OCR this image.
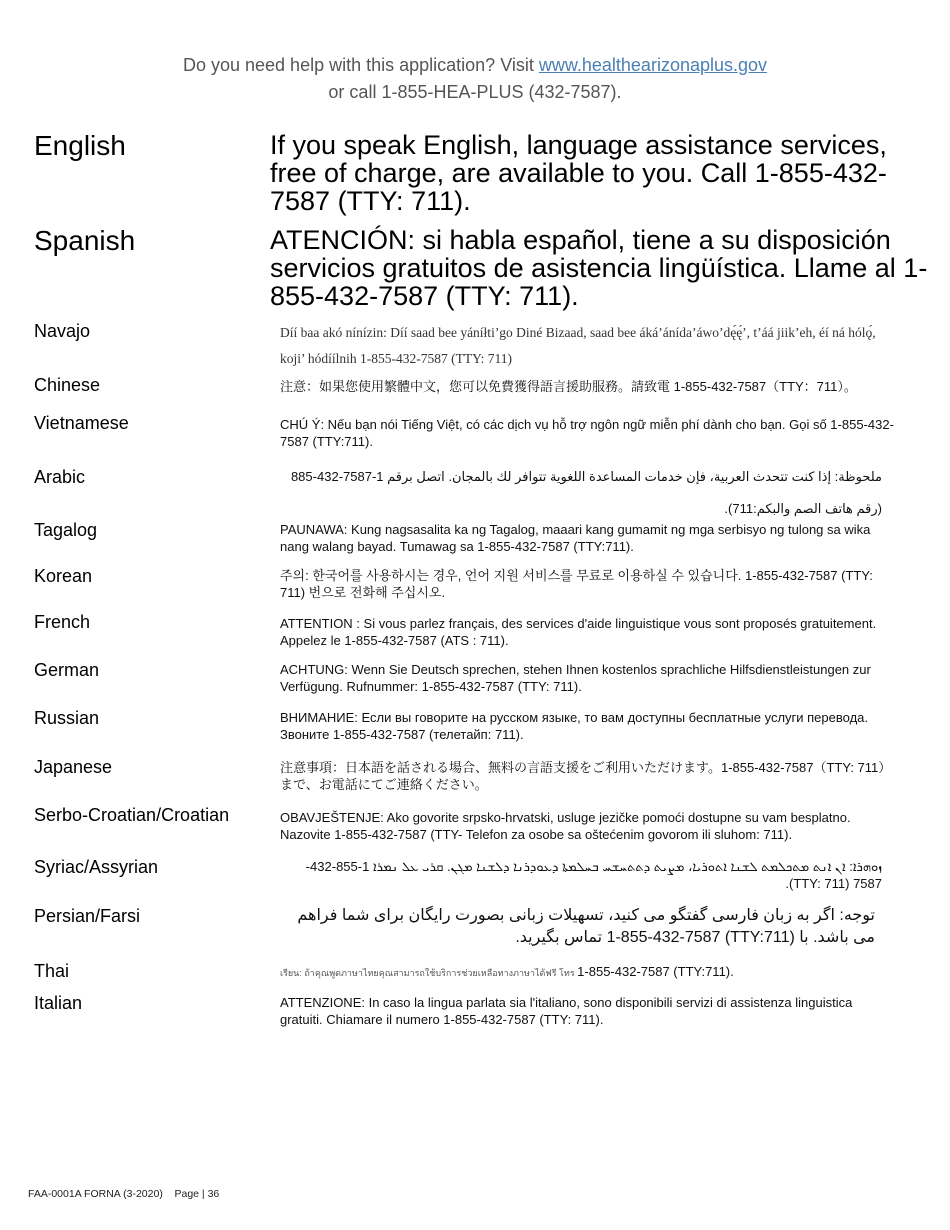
Do you need help with this application? Visit www.healthearizonaplus.gov
or call 1-855-HEA-PLUS (432-7587).
English	If you speak English, language assistance services, free of charge, are available to you. Call 1-855-432-7587 (TTY: 711).
Spanish	ATENCIÓN: si habla español, tiene a su disposición servicios gratuitos de asistencia lingüística. Llame al 1-855-432-7587 (TTY: 711).
Navajo	Díí baa akó nínízin: Díí saad bee yáníłti’go Diné Bizaad, saad bee áká’ánída’áwo’dę́ę́’, t’áá jiik’eh, éí ná hólǫ́, koji’ hódíílnih 1-855-432-7587 (TTY: 711)
Chinese	注意：如果您使用繁體中文，您可以免費獲得語言援助服務。請致電 1-855-432-7587（TTY：711）。
Vietnamese	CHÚ Ý: Nếu bạn nói Tiếng Việt, có các dịch vụ hỗ trợ ngôn ngữ miễn phí dành cho bạn. Gọi số 1-855-432-7587 (TTY:711).
Arabic	ملحوظة: إذا كنت تتحدث العربية، فإن خدمات المساعدة اللغوية تتوافر لك بالمجان. اتصل برقم 1-7587-432-885 (رقم هاتف الصم والبكم:711).
Tagalog	PAUNAWA: Kung nagsasalita ka ng Tagalog, maaari kang gumamit ng mga serbisyo ng tulong sa wika nang walang bayad. Tumawag sa 1-855-432-7587 (TTY:711).
Korean	주의: 한국어를 사용하시는 경우, 언어 지원 서비스를 무료로 이용하실 수 있습니다. 1-855-432-7587 (TTY: 711) 번으로 전화해 주십시오.
French	ATTENTION : Si vous parlez français, des services d'aide linguistique vous sont proposés gratuitement. Appelez le 1-855-432-7587 (ATS : 711).
German	ACHTUNG: Wenn Sie Deutsch sprechen, stehen Ihnen kostenlos sprachliche Hilfsdienstleistungen zur Verfügung. Rufnummer: 1-855-432-7587 (TTY: 711).
Russian	ВНИМАНИЕ: Если вы говорите на русском языке, то вам доступны бесплатные услуги перевода. Звоните 1-855-432-7587 (телетайп: 711).
Japanese	注意事項：日本語を話される場合、無料の言語支援をご利用いただけます。1-855-432-7587（TTY: 711）まで、お電話にてご連絡ください。
Serbo-Croatian/Croatian	OBAVJEŠTENJE: Ako govorite srpsko-hrvatski, usluge jezičke pomoći dostupne su vam besplatno. Nazovite 1-855-432-7587 (TTY- Telefon za osobe sa oštećenim govorom ili sluhom: 711).
Syriac/Assyrian	ܙܘܗܪܐ: ܐܢ ܐܢܬ ܡܬܟܠܡܬ ܠܫܢܐ ܐܬܘܪܝܐ، ܡܨܝܬ ܕܬܬܚܫܚ ܒܚܠܡܬܐ ܕܥܘܕܪܢܐ ܕܠܫܢܐ ܡܓܢ. ܩܪܝ ܥܠ ܢܡܪܐ 1-855-432-7587 (TTY: 711).
Persian/Farsi	توجه: اگر به زبان فارسی گفتگو می کنید، تسهیلات زبانی بصورت رایگان برای شما فراهم می باشد. با (TTY:711) 1-855-432-7587 تماس بگیرید.
Thai	เรียน: ถ้าคุณพูดภาษาไทยคุณสามารถใช้บริการช่วยเหลือทางภาษาได้ฟรี โทร 1-855-432-7587 (TTY:711).
Italian	ATTENZIONE: In caso la lingua parlata sia l'italiano, sono disponibili servizi di assistenza linguistica gratuiti. Chiamare il numero 1-855-432-7587 (TTY: 711).
FAA-0001A FORNA (3-2020)    Page | 36
